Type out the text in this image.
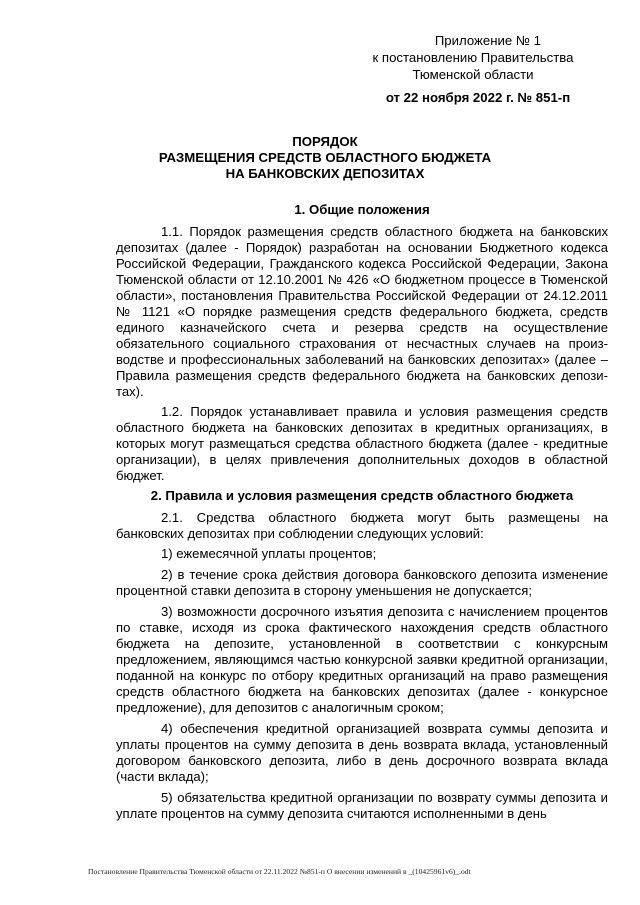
Приложение № 1
к постановлению Правительства
Тюменской области
от 22 ноября 2022 г. № 851-п
ПОРЯДОК
РАЗМЕЩЕНИЯ СРЕДСТВ ОБЛАСТНОГО БЮДЖЕТА
НА БАНКОВСКИХ ДЕПОЗИТАХ
1. Общие положения

1.1. Порядок размещения средств областного бюджета на банковских депозитах (далее - Порядок) разработан на основании Бюджетного кодекса Российской Федерации, Гражданского кодекса Российской Федерации, Закона Тюменской области от 12.10.2001 № 426 «О бюджетном процессе в Тюменской области», постановления Правительства Российской Федерации от 24.12.2011 № 1121 «О порядке размещения средств федерального бюджета, средств единого казначейского счета и резерва средств на осуществление обязательного социального страхования от несчастных случаев на производстве и профессиональных заболеваний на банковских депозитах» (далее – Правила размещения средств федерального бюджета на банковских депозитах).

1.2. Порядок устанавливает правила и условия размещения средств областного бюджета на банковских депозитах в кредитных организациях, в которых могут размещаться средства областного бюджета (далее - кредитные организации), в целях привлечения дополнительных доходов в областной бюджет.

2. Правила и условия размещения средств областного бюджета

2.1. Средства областного бюджета могут быть размещены на банковских депозитах при соблюдении следующих условий:

1) ежемесячной уплаты процентов;

2) в течение срока действия договора банковского депозита изменение процентной ставки депозита в сторону уменьшения не допускается;

3) возможности досрочного изъятия депозита с начислением процентов по ставке, исходя из срока фактического нахождения средств областного бюджета на депозите, установленной в соответствии с конкурсным предложением, являющимся частью конкурсной заявки кредитной организации, поданной на конкурс по отбору кредитных организаций на право размещения средств областного бюджета на банковских депозитах (далее - конкурсное предложение), для депозитов с аналогичным сроком;

4) обеспечения кредитной организацией возврата суммы депозита и уплаты процентов на сумму депозита в день возврата вклада, установленный договором банковского депозита, либо в день досрочного возврата вклада (части вклада);

5) обязательства кредитной организации по возврату суммы депозита и уплате процентов на сумму депозита считаются исполненными в день

Постановление Правительства Тюменской области от 22.11.2022 №851-п О внесении изменений в _(10425961v6)_.odt
